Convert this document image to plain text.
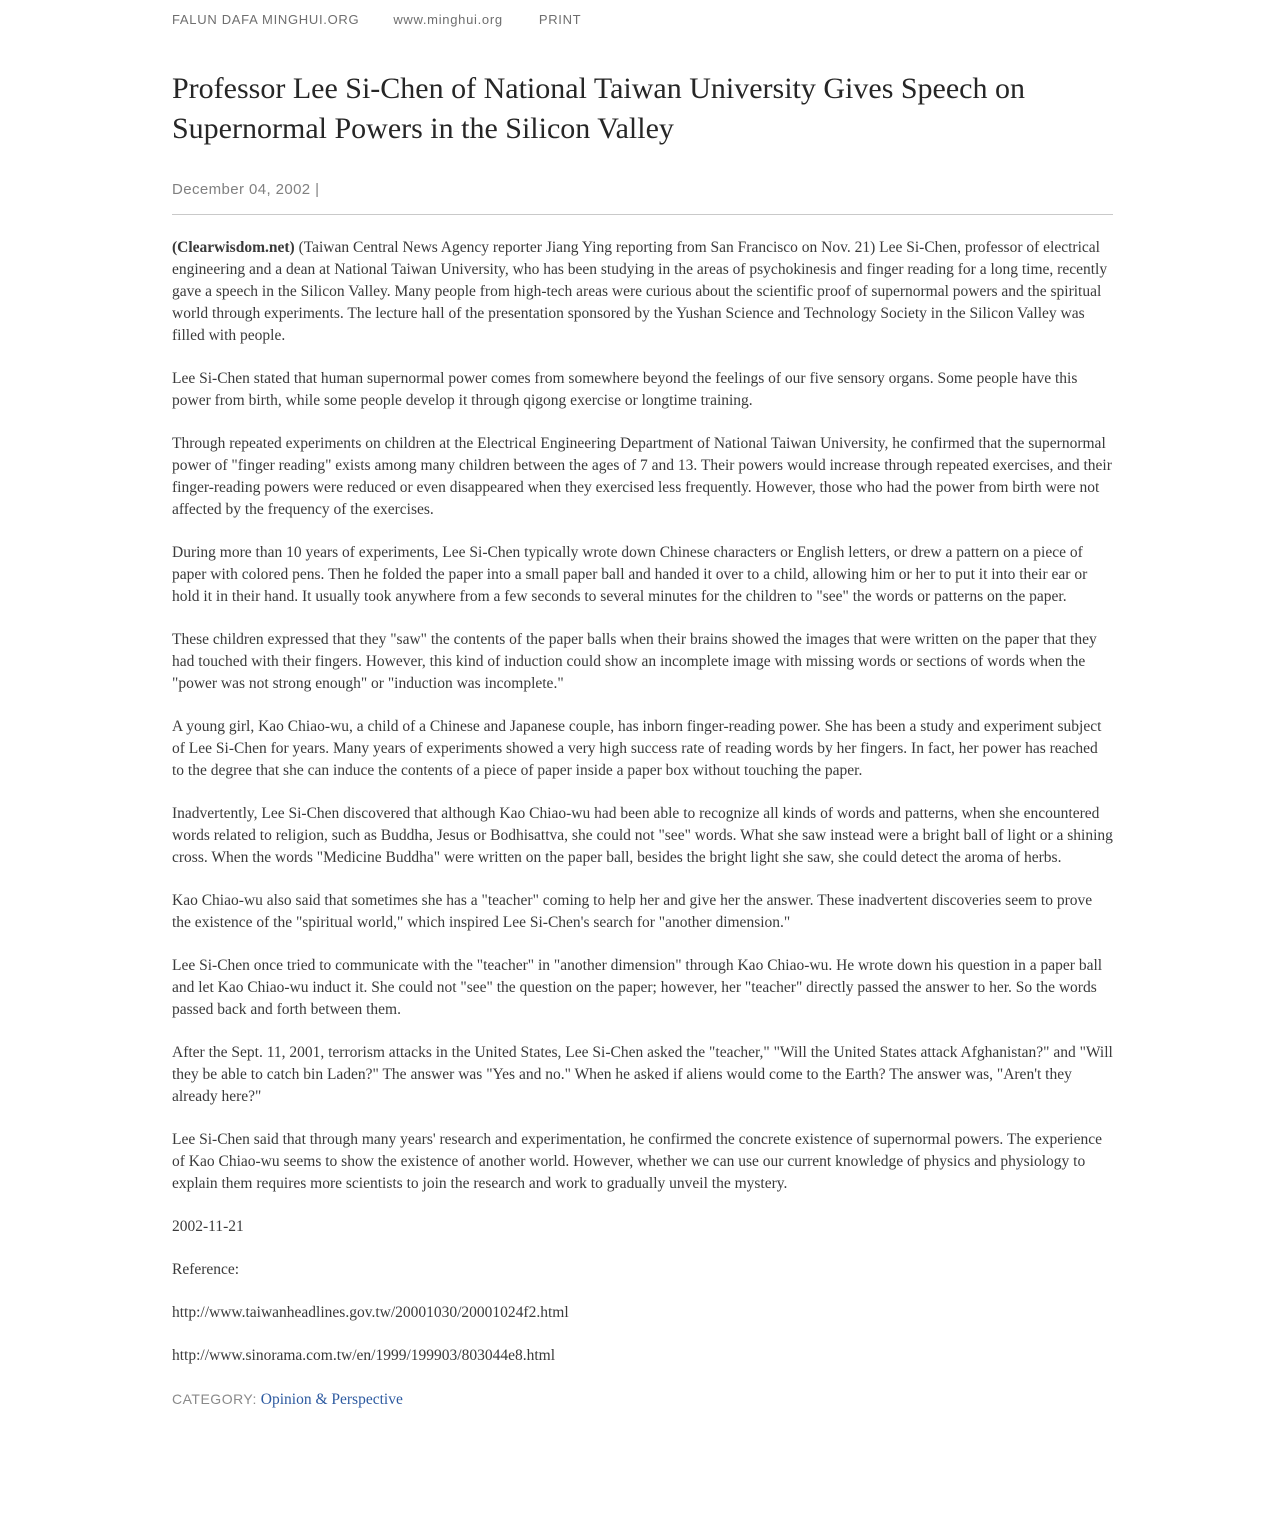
FALUN DAFA MINGHUI.ORG	www.minghui.org	PRINT
Professor Lee Si-Chen of National Taiwan University Gives Speech on Supernormal Powers in the Silicon Valley
December 04, 2002 |

(Clearwisdom.net) (Taiwan Central News Agency reporter Jiang Ying reporting from San Francisco on Nov. 21) Lee Si-Chen, professor of electrical engineering and a dean at National Taiwan University, who has been studying in the areas of psychokinesis and finger reading for a long time, recently gave a speech in the Silicon Valley. Many people from high-tech areas were curious about the scientific proof of supernormal powers and the spiritual world through experiments. The lecture hall of the presentation sponsored by the Yushan Science and Technology Society in the Silicon Valley was filled with people.

Lee Si-Chen stated that human supernormal power comes from somewhere beyond the feelings of our five sensory organs. Some people have this power from birth, while some people develop it through qigong exercise or longtime training.

Through repeated experiments on children at the Electrical Engineering Department of National Taiwan University, he confirmed that the supernormal power of "finger reading" exists among many children between the ages of 7 and 13. Their powers would increase through repeated exercises, and their finger-reading powers were reduced or even disappeared when they exercised less frequently. However, those who had the power from birth were not affected by the frequency of the exercises.

During more than 10 years of experiments, Lee Si-Chen typically wrote down Chinese characters or English letters, or drew a pattern on a piece of paper with colored pens. Then he folded the paper into a small paper ball and handed it over to a child, allowing him or her to put it into their ear or hold it in their hand. It usually took anywhere from a few seconds to several minutes for the children to "see" the words or patterns on the paper.

These children expressed that they "saw" the contents of the paper balls when their brains showed the images that were written on the paper that they had touched with their fingers. However, this kind of induction could show an incomplete image with missing words or sections of words when the "power was not strong enough" or "induction was incomplete."

A young girl, Kao Chiao-wu, a child of a Chinese and Japanese couple, has inborn finger-reading power. She has been a study and experiment subject of Lee Si-Chen for years. Many years of experiments showed a very high success rate of reading words by her fingers. In fact, her power has reached to the degree that she can induce the contents of a piece of paper inside a paper box without touching the paper.

Inadvertently, Lee Si-Chen discovered that although Kao Chiao-wu had been able to recognize all kinds of words and patterns, when she encountered words related to religion, such as Buddha, Jesus or Bodhisattva, she could not "see" words. What she saw instead were a bright ball of light or a shining cross. When the words "Medicine Buddha" were written on the paper ball, besides the bright light she saw, she could detect the aroma of herbs.

Kao Chiao-wu also said that sometimes she has a "teacher" coming to help her and give her the answer. These inadvertent discoveries seem to prove the existence of the "spiritual world," which inspired Lee Si-Chen's search for "another dimension."

Lee Si-Chen once tried to communicate with the "teacher" in "another dimension" through Kao Chiao-wu. He wrote down his question in a paper ball and let Kao Chiao-wu induct it. She could not "see" the question on the paper; however, her "teacher" directly passed the answer to her. So the words passed back and forth between them.

After the Sept. 11, 2001, terrorism attacks in the United States, Lee Si-Chen asked the "teacher," "Will the United States attack Afghanistan?" and "Will they be able to catch bin Laden?" The answer was "Yes and no." When he asked if aliens would come to the Earth? The answer was, "Aren't they already here?"

Lee Si-Chen said that through many years' research and experimentation, he confirmed the concrete existence of supernormal powers. The experience of Kao Chiao-wu seems to show the existence of another world. However, whether we can use our current knowledge of physics and physiology to explain them requires more scientists to join the research and work to gradually unveil the mystery.

2002-11-21

Reference:

http://www.taiwanheadlines.gov.tw/20001030/20001024f2.html

http://www.sinorama.com.tw/en/1999/199903/803044e8.html

CATEGORY: Opinion & Perspective
